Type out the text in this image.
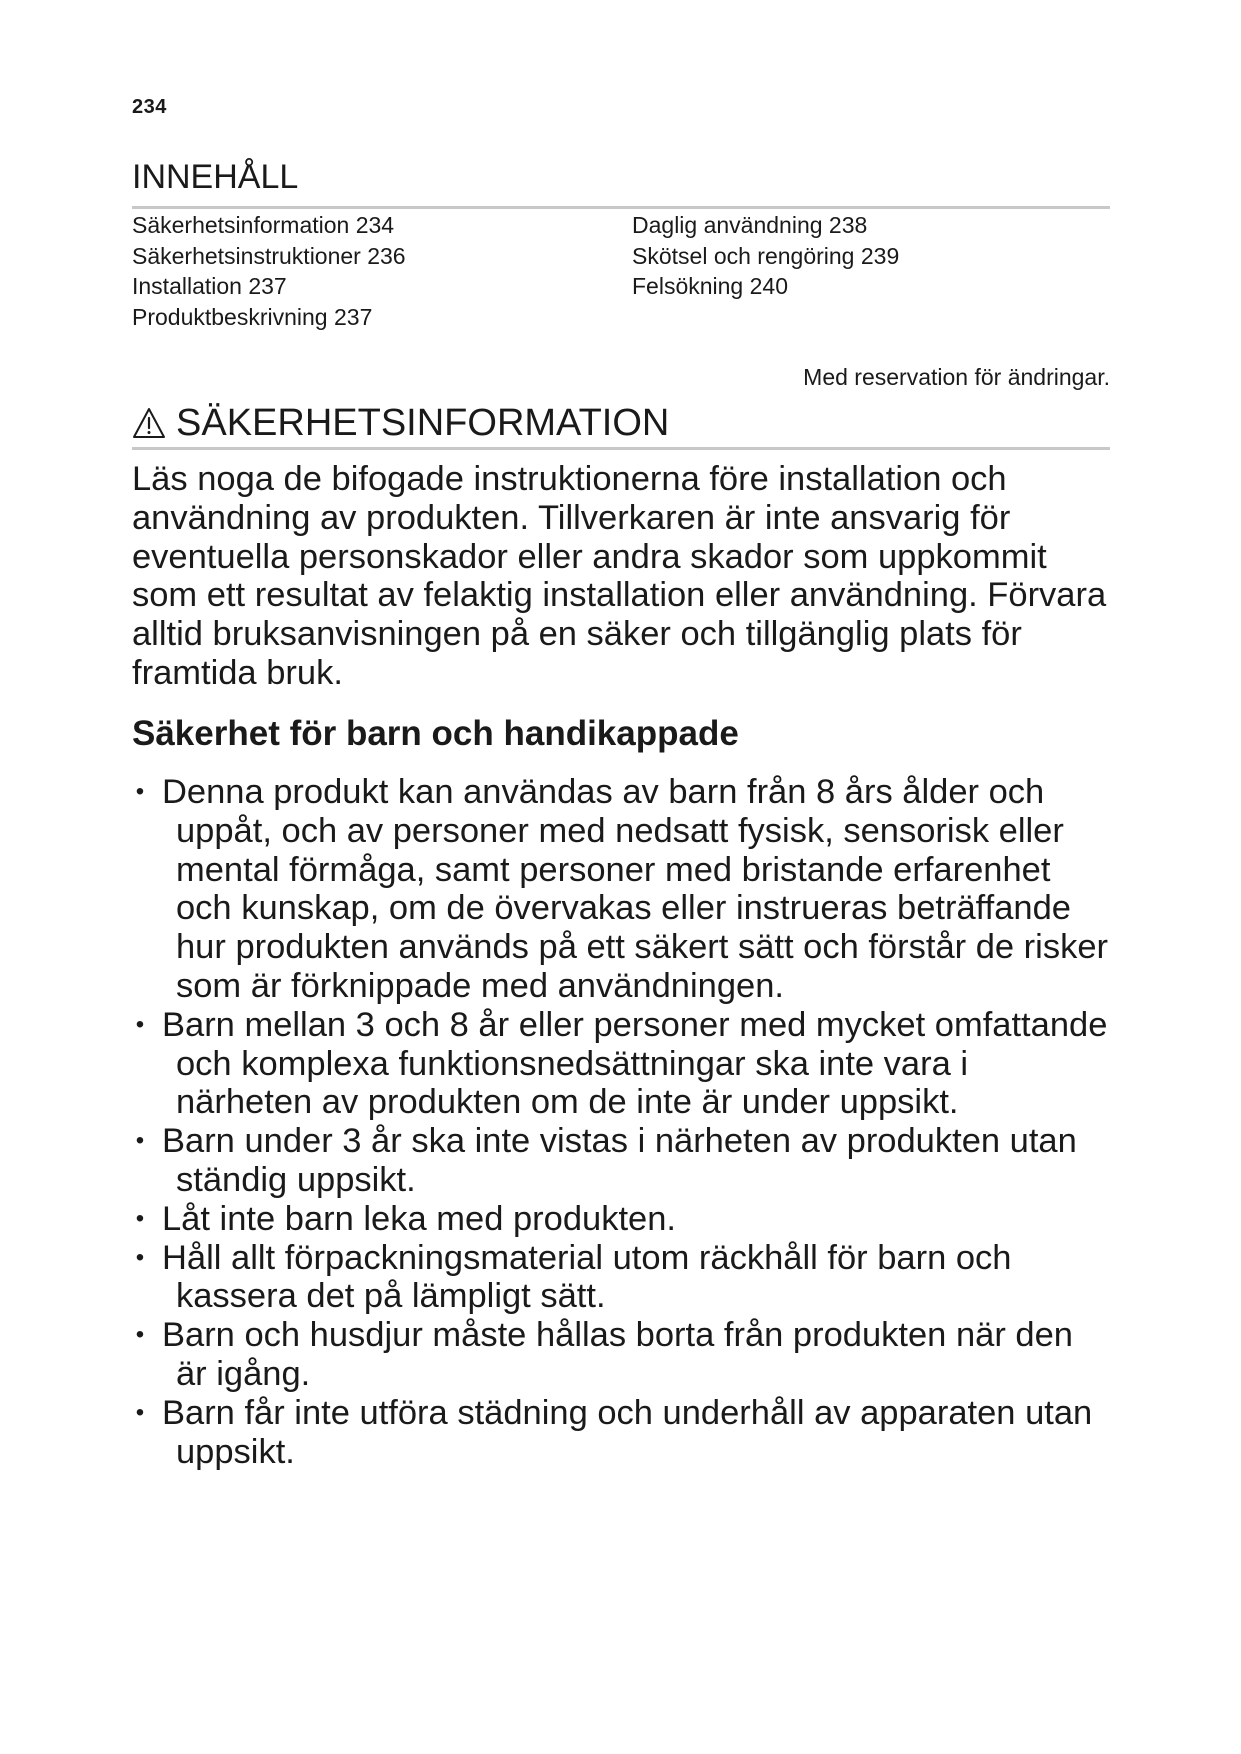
234
INNEHÅLL
Säkerhetsinformation 234
Säkerhetsinstruktioner 236
Installation 237
Produktbeskrivning 237
Daglig användning 238
Skötsel och rengöring 239
Felsökning 240
Med reservation för ändringar.
SÄKERHETSINFORMATION

Läs noga de bifogade instruktionerna före installation och användning av produkten. Tillverkaren är inte ansvarig för eventuella personskador eller andra skador som uppkommit som ett resultat av felaktig installation eller användning. Förvara alltid bruksanvisningen på en säker och tillgänglig plats för framtida bruk.

Säkerhet för barn och handikappade
• Denna produkt kan användas av barn från 8 års ålder och uppåt, och av personer med nedsatt fysisk, sensorisk eller mental förmåga, samt personer med bristande erfarenhet och kunskap, om de övervakas eller instrueras beträffande hur produkten används på ett säkert sätt och förstår de risker som är förknippade med användningen.
• Barn mellan 3 och 8 år eller personer med mycket omfattande och komplexa funktionsnedsättningar ska inte vara i närheten av produkten om de inte är under uppsikt.
• Barn under 3 år ska inte vistas i närheten av produkten utan ständig uppsikt.
• Låt inte barn leka med produkten.
• Håll allt förpackningsmaterial utom räckhåll för barn och kassera det på lämpligt sätt.
• Barn och husdjur måste hållas borta från produkten när den är igång.
• Barn får inte utföra städning och underhåll av apparaten utan uppsikt.
